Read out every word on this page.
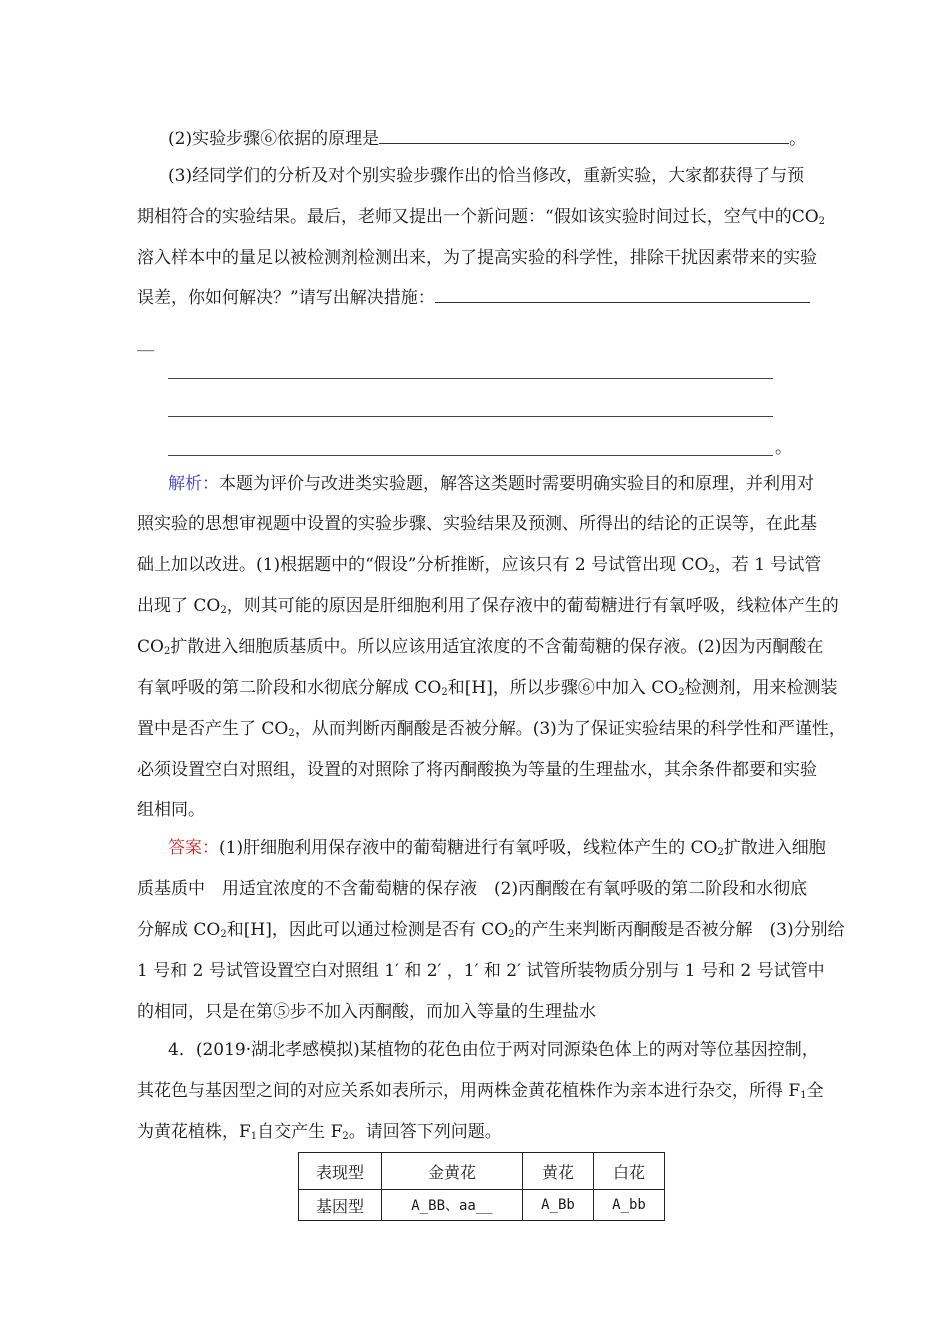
(2)实验步骤⑥依据的原理是	。
(3)经同学们的分析及对个别实验步骤作出的恰当修改，重新实验，大家都获得了与预
期相符合的实验结果。最后，老师又提出一个新问题：“假如该实验时间过长，空气中的$CO_2$
溶入样本中的量足以被检测剂检测出来，为了提高实验的科学性，排除干扰因素带来的实验
误差，你如何解决？”请写出解决措施：
__
。
解析：本题为评价与改进类实验题，解答这类题时需要明确实验目的和原理，并利用对
照实验的思想审视题中设置的实验步骤、实验结果及预测、所得出的结论的正误等，在此基
础上加以改进。(1)根据题中的“假设”分析推断，应该只有 2 号试管出现 $CO_2$，若 1 号试管
出现了 $CO_2$，则其可能的原因是肝细胞利用了保存液中的葡萄糖进行有氧呼吸，线粒体产生的
$CO_2$扩散进入细胞质基质中。所以应该用适宜浓度的不含葡萄糖的保存液。(2)因为丙酮酸在
有氧呼吸的第二阶段和水彻底分解成 $CO_2$和[H]，所以步骤⑥中加入 $CO_2$检测剂，用来检测装
置中是否产生了 $CO_2$，从而判断丙酮酸是否被分解。(3)为了保证实验结果的科学性和严谨性，
必须设置空白对照组，设置的对照除了将丙酮酸换为等量的生理盐水，其余条件都要和实验
组相同。
答案：(1)肝细胞利用保存液中的葡萄糖进行有氧呼吸，线粒体产生的 $CO_2$扩散进入细胞
质基质中　用适宜浓度的不含葡萄糖的保存液　(2)丙酮酸在有氧呼吸的第二阶段和水彻底
分解成 $CO_2$和[H]，因此可以通过检测是否有 $CO_2$的产生来判断丙酮酸是否被分解　(3)分别给
1 号和 2 号试管设置空白对照组 1′ 和 2′ ，1′ 和 2′ 试管所装物质分别与 1 号和 2 号试管中
的相同，只是在第⑤步不加入丙酮酸，而加入等量的生理盐水
4．(2019·湖北孝感模拟)某植物的花色由位于两对同源染色体上的两对等位基因控制，
其花色与基因型之间的对应关系如表所示，用两株金黄花植株作为亲本进行杂交，所得 $F_1$全
为黄花植株，$F_1$自交产生 $F_2$。请回答下列问题。
表现型	金黄花	黄花	白花
基因型	A_BB、aa__	A_Bb	A_bb
